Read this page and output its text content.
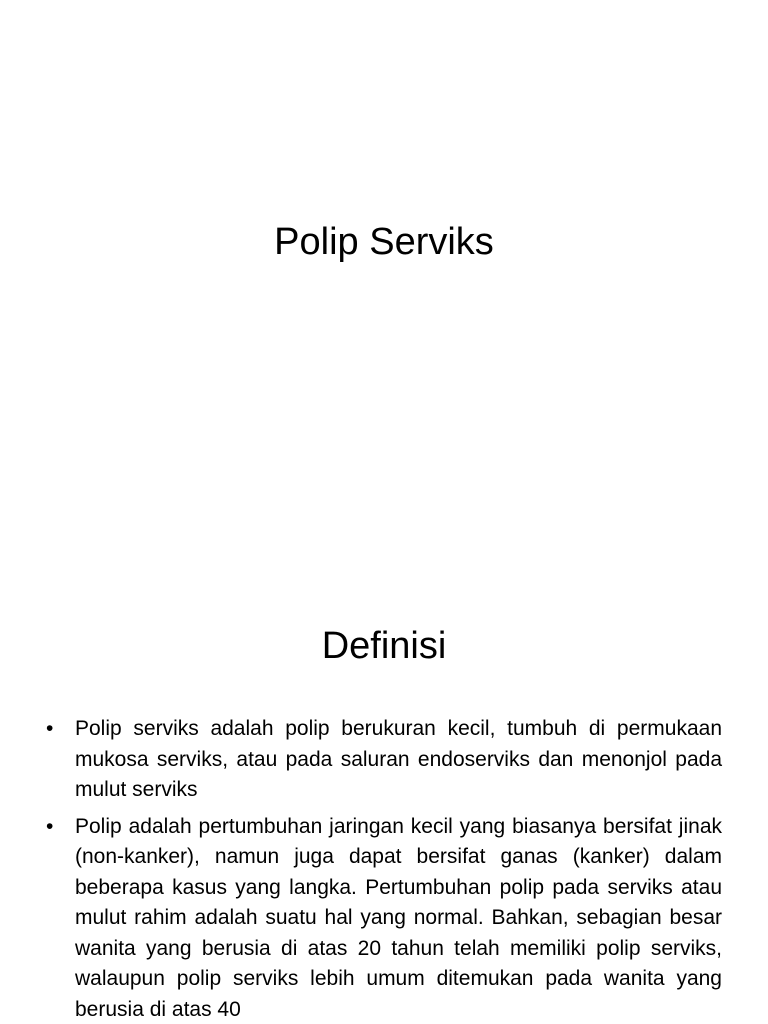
Polip Serviks
Definisi
• Polip serviks adalah polip berukuran kecil, tumbuh di permukaan mukosa serviks, atau pada saluran endoserviks dan menonjol pada mulut serviks
• Polip adalah pertumbuhan jaringan kecil yang biasanya bersifat jinak (non-kanker), namun juga dapat bersifat ganas (kanker) dalam beberapa kasus yang langka. Pertumbuhan polip pada serviks atau mulut rahim adalah suatu hal yang normal. Bahkan, sebagian besar wanita yang berusia di atas 20 tahun telah memiliki polip serviks, walaupun polip serviks lebih umum ditemukan pada wanita yang berusia di atas 40
